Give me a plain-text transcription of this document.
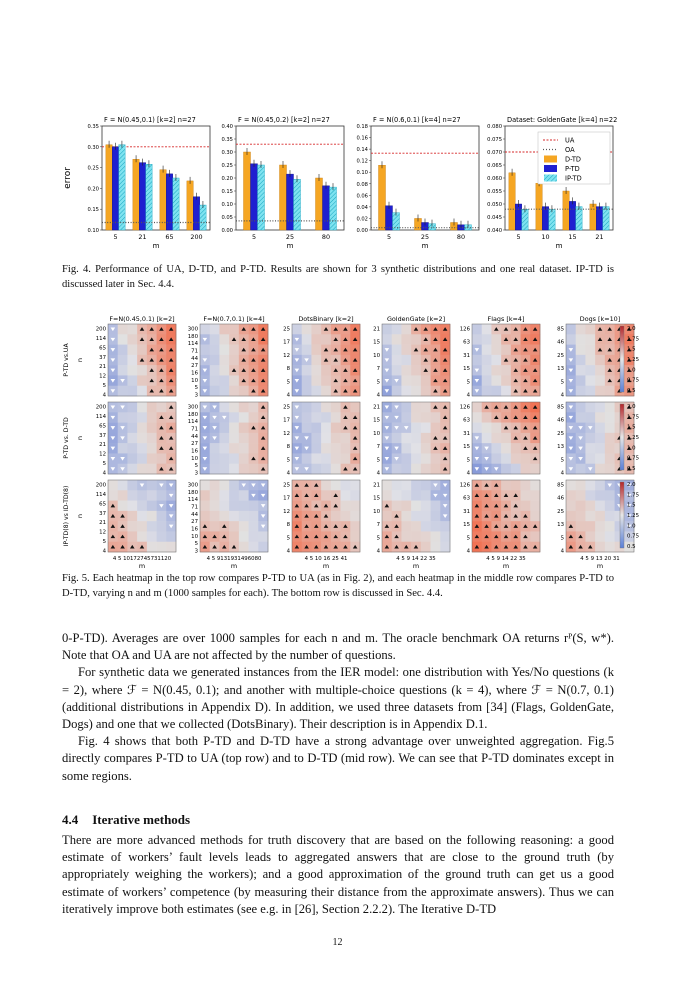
error
F = N(0.45,0.1) [k=2] n=27
0.10
0.15
0.20
0.25
0.30
0.35
5	21	65	200
m
F = N(0.45,0.2) [k=2] n=27
0.00
0.05
0.10
0.15
0.20
0.25
0.30
0.35
0.40
5	25	80
m
F = N(0.6,0.1) [k=4] n=27
0.00
0.02
0.04
0.06
0.08
0.10
0.12
0.14
0.16
0.18
5	25	80
m
Dataset: GoldenGate [k=4] n=22
0.040
0.045
0.050
0.055
0.060
0.065
0.070
0.075
0.080
5	10	15	21
m
UA
OA
D-TD
P-TD
IP-TD
Fig. 4. Performance of UA, D-TD, and P-TD. Results are shown for 3 synthetic distributions and one real dataset. IP-TD is discussed later in Sec. 4.4.
P-TD vs.UA n
P-TD vs. D-TD n
IP-TD(8) vs ID-TD(8) n
F=N(0.45,0.1) [k=2]
200
114
65
37
21
12
5
4
200
114
65
37
21
12
5
4
200
114
65
37
21
12
5
4
4 5 10172745731120
m
F=N(0.7,0.1) [k=4]
300
180
114
71
44
27
16
10
5
3
300
180
114
71
44
27
16
10
5
3
300
180
114
71
44
27
16
10
5
3
4 5 9131931496080
m
DotsBinary [k=2]
25
17
12
8
5
4
25
17
12
8
5
4
25
17
12
8
5
4
4 5 10 16 25 41
m
GoldenGate [k=2]
21
15
10
7
5
4
21
15
10
7
5
4
21
15
10
7
5
4
4 5 9 14 22 35
m
Flags [k=4]
126
63
31
15
5
4
126
63
31
15
5
4
126
63
31
15
5
4
4 5 9 14 22 35
m
Dogs [k=10]
85
46
25
13
5
4
85
46
25
13
5
4
85
46
25
13
5
4
4 5 9 13 20 31
m
2.0
1.75
1.5
1.25
1.0
0.75
0.5
2.0
1.75
1.5
1.25
1.0
0.75
0.5
2.0
1.75
1.5
1.25
1.0
0.75
0.5
Fig. 5. Each heatmap in the top row compares P-TD to UA (as in Fig. 2), and each heatmap in the middle row compares P-TD to D-TD, varying n and m (1000 samples for each). The bottom row is discussed in Sec. 4.4.

0-P-TD). Averages are over 1000 samples for each n and m. The oracle benchmark OA returns rᴾ(S, w*). Note that OA and UA are not affected by the number of questions.

For synthetic data we generated instances from the IER model: one distribution with Yes/No questions (k = 2), where ℱ = N(0.45, 0.1); and another with multiple-choice questions (k = 4), where ℱ = N(0.7, 0.1) (additional distributions in Appendix D). In addition, we used three datasets from [34] (Flags, GoldenGate, Dogs) and one that we collected (DotsBinary). Their description is in Appendix D.1.

Fig. 4 shows that both P-TD and D-TD have a strong advantage over unweighted aggregation. Fig.5 directly compares P-TD to UA (top row) and to D-TD (mid row). We can see that P-TD dominates except in some regions.

4.4 Iterative methods
There are more advanced methods for truth discovery that are based on the following reasoning: a good estimate of workers’ fault levels leads to aggregated answers that are close to the ground truth (by appropriately weighing the workers); and a good approximation of the ground truth can get us a good estimate of workers’ competence (by measuring their distance from the approximate answers). Thus we can iteratively improve both estimates (see e.g. in [26], Section 2.2.2). The Iterative D-TD
12
